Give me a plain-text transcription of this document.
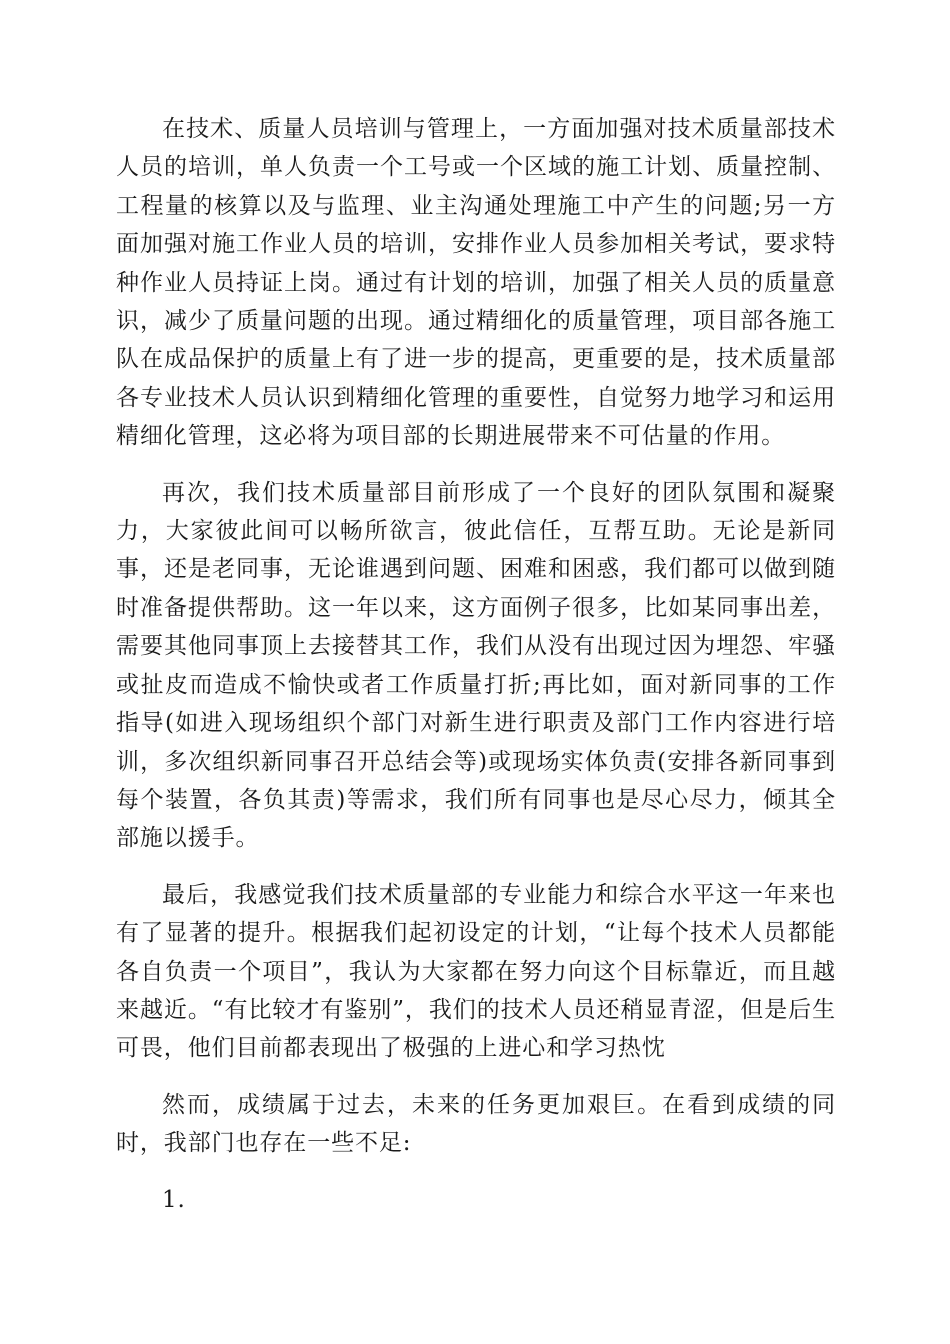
在技术、质量人员培训与管理上，一方面加强对技术质量部技术人员的培训，单人负责一个工号或一个区域的施工计划、质量控制、工程量的核算以及与监理、业主沟通处理施工中产生的问题;另一方面加强对施工作业人员的培训，安排作业人员参加相关考试，要求特种作业人员持证上岗。通过有计划的培训，加强了相关人员的质量意识，减少了质量问题的出现。通过精细化的质量管理，项目部各施工队在成品保护的质量上有了进一步的提高，更重要的是，技术质量部各专业技术人员认识到精细化管理的重要性，自觉努力地学习和运用精细化管理，这必将为项目部的长期进展带来不可估量的作用。

再次，我们技术质量部目前形成了一个良好的团队氛围和凝聚力，大家彼此间可以畅所欲言，彼此信任，互帮互助。无论是新同事，还是老同事，无论谁遇到问题、困难和困惑，我们都可以做到随时准备提供帮助。这一年以来，这方面例子很多，比如某同事出差，需要其他同事顶上去接替其工作，我们从没有出现过因为埋怨、牢骚或扯皮而造成不愉快或者工作质量打折;再比如，面对新同事的工作指导(如进入现场组织个部门对新生进行职责及部门工作内容进行培训，多次组织新同事召开总结会等)或现场实体负责(安排各新同事到每个装置，各负其责)等需求，我们所有同事也是尽心尽力，倾其全部施以援手。

最后，我感觉我们技术质量部的专业能力和综合水平这一年来也有了显著的提升。根据我们起初设定的计划，“让每个技术人员都能各自负责一个项目”，我认为大家都在努力向这个目标靠近，而且越来越近。“有比较才有鉴别”，我们的技术人员还稍显青涩，但是后生可畏，他们目前都表现出了极强的上进心和学习热忱

然而，成绩属于过去，未来的任务更加艰巨。在看到成绩的同时，我部门也存在一些不足:

1.
